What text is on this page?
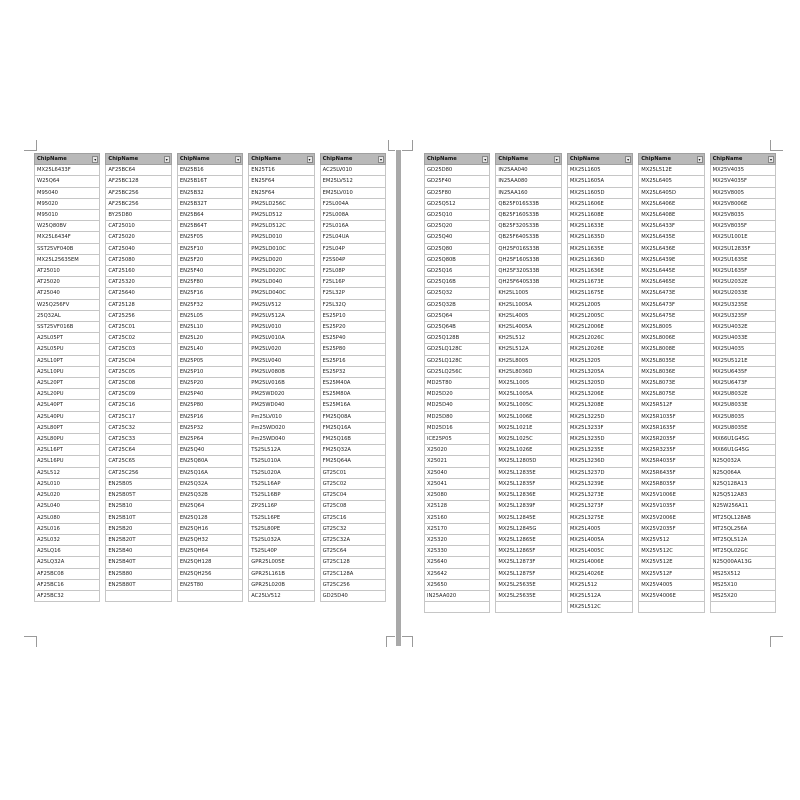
ChipName ▾		ChipName ▾		ChipName ▾		ChipName ▾		ChipName ▾

MX25L6433F		AF25BC64		EN25B16		EN25T16		AC25LV010
W25Q64		AF25BC128		EN25B16T		EN25F64		EM25LV512
M95040		AF25BC256		EN25B32		EN25F64		EM25LV010
M95020		AF25BC256		EN25B32T		PM25LD256C		F25L004A
M95010		BY25D80		EN25B64		PM25LD512		F25L008A
W25Q80BV		CAT25010		EN25B64T		PM25LD512C		F25L016A
MX25L6434F		CAT25020		EN25F05		PM25LD010		F25L04UA
SST25VF040B		CAT25040		EN25F10		PM25LD010C		F25L04P
MX25L25635EM		CAT25080		EN25F20		PM25LD020		F25S04P
AT25010		CAT25160		EN25F40		PM25LD020C		F25L08P
AT25020		CAT25320		EN25F80		PM25LD040		F25L16P
AT25040		CAT25640		EN25F16		PM25LD040C		F25L32P
W25Q256FV		CAT25128		EN25F32		PM25LV512		F25L32Q
25Q32AL		CAT25256		EN25L05		PM25LV512A		ES25P10
SST25VF016B		CAT25C01		EN25L10		PM25LV010		ES25P20
A25L05PT		CAT25C02		EN25L20		PM25LV010A		ES25P40
A25L05PU		CAT25C03		EN25L40		PM25LV020		ES25P80
A25L10PT		CAT25C04		EN25P05		PM25LV040		ES25P16
A25L10PU		CAT25C05		EN25P10		PM25LV080B		ES25P32
A25L20PT		CAT25C08		EN25P20		PM25LV016B		ES25M40A
A25L20PU		CAT25C09		EN25P40		PM25WD020		ES25M80A
A25L40PT		CAT25C16		EN25P80		PM25WD040		ES25M16A
A25L40PU		CAT25C17		EN25P16		Pm25LV010		FM25Q08A
A25L80PT		CAT25C32		EN25P32		Pm25WD020		FM25Q16A
A25L80PU		CAT25C33		EN25P64		Pm25WD040		FM25Q16B
A25L16PT		CAT25C64		EN25Q40		TS25L512A		FM25Q32A
A25L16PU		CAT25C65		EN25Q80A		TS25L010A		FM25Q64A
A25L512		CAT25C256		EN25Q16A		TS25L020A		GT25C01
A25L010		EN25B05		EN25Q32A		TS25L16AP		GT25C02
A25L020		EN25B05T		EN25Q32B		TS25L16BP		GT25C04
A25L040		EN25B10		EN25Q64		ZP25L16P		GT25C08
A25L080		EN25B10T		EN25Q128		TS25L16PE		GT25C16
A25L016		EN25B20		EN25QH16		TS25L80PE		GT25C32
A25L032		EN25B20T		EN25QH32		TS25L032A		GT25C32A
A25LQ16		EN25B40		EN25QH64		TS25L40P		GT25C64
A25LQ32A		EN25B40T		EN25QH128		GPR25L005E		GT25C128
AF25BC08		EN25B80		EN25QH256		GPR25L161B		GT25C128A
AF25BC16		EN25B80T		EN25T80		GPR25L020B		GT25C256
AF25BC32						AC25LV512		GD25D40
ChipName ▾		ChipName ▾		ChipName ▾		ChipName ▾		ChipName ▾

GD25D80		IN25AA040		MX25L1605		MX25L512E		MX25V4035
GD25F40		IN25AA080		MX25L1605A		MX25L6405		MX25V4035F
GD25F80		IN25AA160		MX25L1605D		MX25L6405D		MX25V8005
GD25Q512		QB25F016S33B		MX25L1606E		MX25L6406E		MX25V8006E
GD25Q10		QB25F160S33B		MX25L1608E		MX25L6408E		MX25V8035
GD25Q20		QB25F320S33B		MX25L1633E		MX25L6433F		MX25V8035F
GD25Q40		QB25F640S33B		MX25L1635D		MX25L6435E		MX25U1001E
GD25Q80		QH25F016S33B		MX25L1635E		MX25L6436E		MX25U12835F
GD25Q80B		QH25F160S33B		MX25L1636D		MX25L6439E		MX25U1635E
GD25Q16		QH25F320S33B		MX25L1636E		MX25L6445E		MX25U1635F
GD25Q16B		QH25F640S33B		MX25L1673E		MX25L6465E		MX25U2032E
GD25Q32		KH25L1005		MX25L1675E		MX25L6473E		MX25U2033E
GD25Q32B		KH25L1005A		MX25L2005		MX25L6473F		MX25U3235E
GD25Q64		KH25L4005		MX25L2005C		MX25L6475E		MX25U3235F
GD25Q64B		KH25L4005A		MX25L2006E		MX25L8005		MX25U4032E
GD25Q128B		KH25L512		MX25L2026C		MX25L8006E		MX25U4033E
GD25LQ128C		KH25L512A		MX25L2026E		MX25L8008E		MX25U4035
GD25LQ128C		KH25L8005		MX25L3205		MX25L8035E		MX25U5121E
GD25LQ256C		KH25L8036D		MX25L3205A		MX25L8036E		MX25U6435F
MD25T80		MX25L1005		MX25L3205D		MX25L8073E		MX25U6473F
MD25D20		MX25L1005A		MX25L3206E		MX25L8075E		MX25U8032E
MD25D40		MX25L1005C		MX25L3208E		MX25R512F		MX25U8033E
MD25D80		MX25L1006E		MX25L3225D		MX25R1035F		MX25U8035
MD25D16		MX25L1021E		MX25L3233F		MX25R1635F		MX25U8035E
ICE25P05		MX25L1025C		MX25L3235D		MX25R2035F		MX66U1G45G
X25020		MX25L1026E		MX25L3235E		MX25R3235F		MX66U1G45G
X25021		MX25L12805D		MX25L3236D		MX25R4035F		N25Q032A
X25040		MX25L12835E		MX25L3237D		MX25R6435F		N25Q064A
X25041		MX25L12835F		MX25L3239E		MX25R8035F		N25Q128A13
X25080		MX25L12836E		MX25L3273E		MX25V1006E		N25Q512A83
X25128		MX25L12839F		MX25L3273F		MX25V1035F		N25W256A11
X25160		MX25L12845E		MX25L3275E		MX25V2006E		MT25QL128AB
X25170		MX25L12845G		MX25L4005		MX25V2035F		MT25QL256A
X25320		MX25L12865E		MX25L4005A		MX25V512		MT25QL512A
X25330		MX25L12865F		MX25L4005C		MX25V512C		MT25QL02GC
X25640		MX25L12873F		MX25L4006E		MX25V512E		N25Q00AA13G
X25642		MX25L12875F		MX25L4026E		MX25V512F		MS25X512
X25650		MX25L25635E		MX25L512		MX25V4005		MS25X10
IN25AA020		MX25L25635E		MX25L512A		MX25V4006E		MS25X20
				MX25L512C				
